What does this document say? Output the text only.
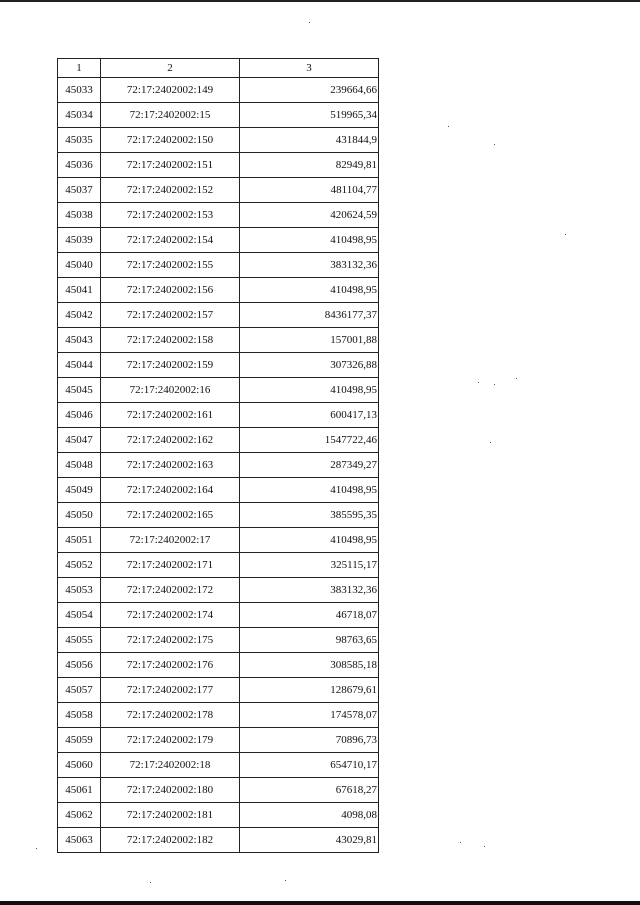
1	2	3
45033	72:17:2402002:149	239664,66
45034	72:17:2402002:15	519965,34
45035	72:17:2402002:150	431844,9
45036	72:17:2402002:151	82949,81
45037	72:17:2402002:152	481104,77
45038	72:17:2402002:153	420624,59
45039	72:17:2402002:154	410498,95
45040	72:17:2402002:155	383132,36
45041	72:17:2402002:156	410498,95
45042	72:17:2402002:157	8436177,37
45043	72:17:2402002:158	157001,88
45044	72:17:2402002:159	307326,88
45045	72:17:2402002:16	410498,95
45046	72:17:2402002:161	600417,13
45047	72:17:2402002:162	1547722,46
45048	72:17:2402002:163	287349,27
45049	72:17:2402002:164	410498,95
45050	72:17:2402002:165	385595,35
45051	72:17:2402002:17	410498,95
45052	72:17:2402002:171	325115,17
45053	72:17:2402002:172	383132,36
45054	72:17:2402002:174	46718,07
45055	72:17:2402002:175	98763,65
45056	72:17:2402002:176	308585,18
45057	72:17:2402002:177	128679,61
45058	72:17:2402002:178	174578,07
45059	72:17:2402002:179	70896,73
45060	72:17:2402002:18	654710,17
45061	72:17:2402002:180	67618,27
45062	72:17:2402002:181	4098,08
45063	72:17:2402002:182	43029,81
